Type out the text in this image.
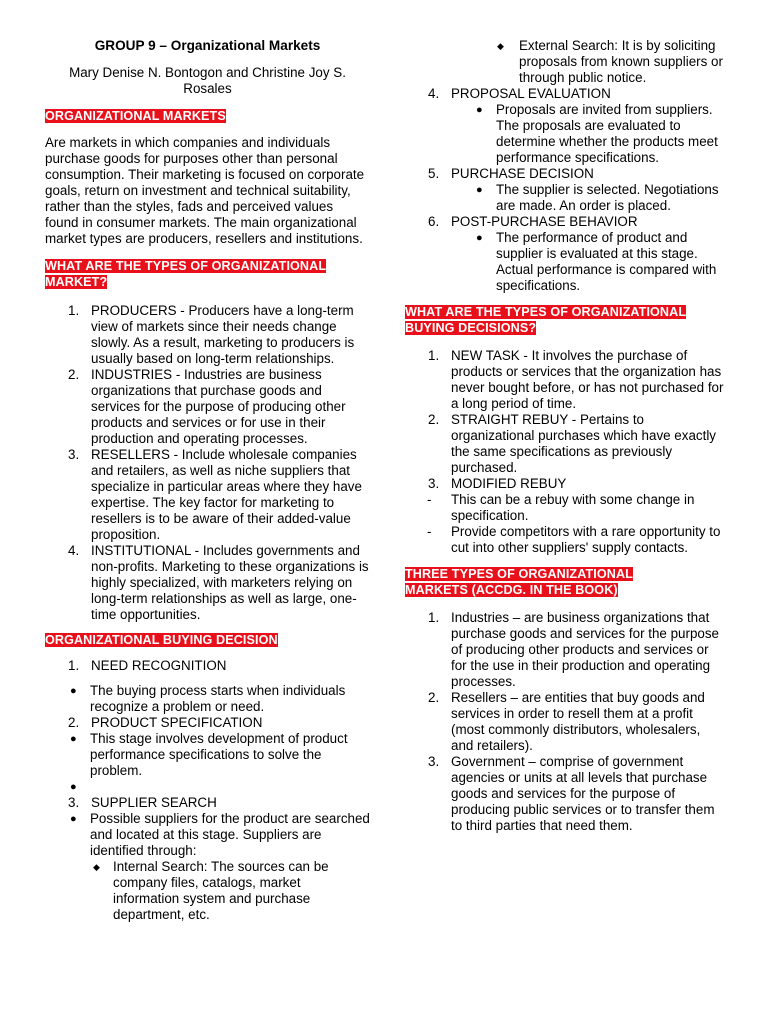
GROUP 9 – Organizational Markets
Mary Denise N. Bontogon and Christine Joy S. Rosales
ORGANIZATIONAL MARKETS

Are markets in which companies and individuals purchase goods for purposes other than personal consumption. Their marketing is focused on corporate goals, return on investment and technical suitability, rather than the styles, fads and perceived values found in consumer markets. The main organizational market types are producers, resellers and institutions.

WHAT ARE THE TYPES OF ORGANIZATIONAL MARKET?
1. PRODUCERS - Producers have a long-term view of markets since their needs change slowly. As a result, marketing to producers is usually based on long-term relationships.
2. INDUSTRIES - Industries are business organizations that purchase goods and services for the purpose of producing other products and services or for use in their production and operating processes.
3. RESELLERS - Include wholesale companies and retailers, as well as niche suppliers that specialize in particular areas where they have expertise. The key factor for marketing to resellers is to be aware of their added-value proposition.
4. INSTITUTIONAL - Includes governments and non-profits. Marketing to these organizations is highly specialized, with marketers relying on long-term relationships as well as large, one-time opportunities.
ORGANIZATIONAL BUYING DECISION
1. NEED RECOGNITION
● The buying process starts when individuals recognize a problem or need.
2. PRODUCT SPECIFICATION
● This stage involves development of product performance specifications to solve the problem.
●

3. SUPPLIER SEARCH
● Possible suppliers for the product are searched and located at this stage. Suppliers are identified through:
◆ Internal Search: The sources can be company files, catalogs, market information system and purchase department, etc.
◆ External Search: It is by soliciting proposals from known suppliers or through public notice.
4. PROPOSAL EVALUATION
● Proposals are invited from suppliers. The proposals are evaluated to determine whether the products meet performance specifications.
5. PURCHASE DECISION
● The supplier is selected. Negotiations are made. An order is placed.
6. POST-PURCHASE BEHAVIOR
● The performance of product and supplier is evaluated at this stage. Actual performance is compared with specifications.
WHAT ARE THE TYPES OF ORGANIZATIONAL BUYING DECISIONS?
1. NEW TASK - It involves the purchase of products or services that the organization has never bought before, or has not purchased for a long period of time.
2. STRAIGHT REBUY - Pertains to organizational purchases which have exactly the same specifications as previously purchased.
3. MODIFIED REBUY
- This can be a rebuy with some change in specification.
- Provide competitors with a rare opportunity to cut into other suppliers' supply contacts.
THREE TYPES OF ORGANIZATIONAL MARKETS (ACCDG. IN THE BOOK)
1. Industries – are business organizations that purchase goods and services for the purpose of producing other products and services or for the use in their production and operating processes.
2. Resellers – are entities that buy goods and services in order to resell them at a profit (most commonly distributors, wholesalers, and retailers).
3. Government – comprise of government agencies or units at all levels that purchase goods and services for the purpose of producing public services or to transfer them to third parties that need them.
